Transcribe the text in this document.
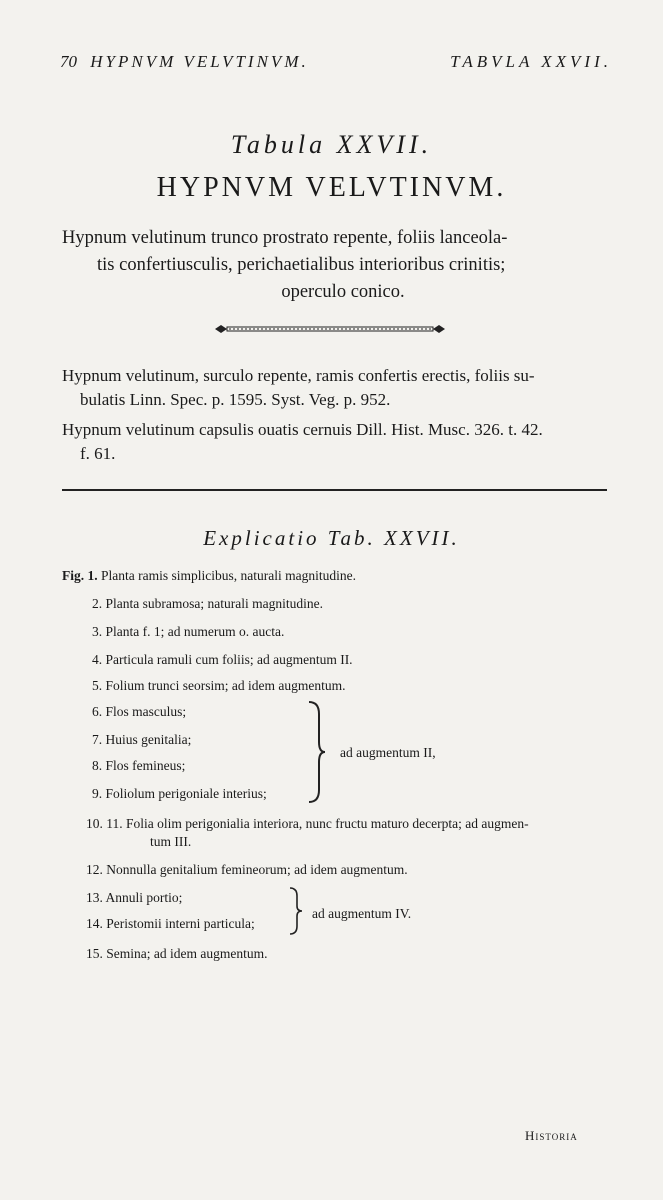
70 HYPNVM VELVTINVM.	TABVLA XXVII.
Tabula XXVII.
HYPNVM VELVTINVM.
Hypnum velutinum trunco prostrato repente, foliis lanceola-
tis confertiusculis, perichaetialibus interioribus crinitis;
operculo conico.
Hypnum velutinum, surculo repente, ramis confertis erectis, foliis su-
bulatis Linn. Spec. p. 1595. Syst. Veg. p. 952.
Hypnum velutinum capsulis ouatis cernuis Dill. Hist. Musc. 326. t. 42.
f. 61.
Explicatio Tab. XXVII.
Fig. 1. Planta ramis simplicibus, naturali magnitudine.
2. Planta subramosa; naturali magnitudine.
3. Planta f. 1; ad numerum o. aucta.
4. Particula ramuli cum foliis; ad augmentum II.
5. Folium trunci seorsim; ad idem augmentum.
6. Flos masculus;
7. Huius genitalia;
8. Flos femineus;
9. Foliolum perigoniale interius;
ad augmentum II,
10. 11. Folia olim perigonialia interiora, nunc fructu maturo decerpta; ad augmen-
tum III.
12. Nonnulla genitalium femineorum; ad idem augmentum.
13. Annuli portio;
14. Peristomii interni particula;
ad augmentum IV.
15. Semina; ad idem augmentum.
Historia
